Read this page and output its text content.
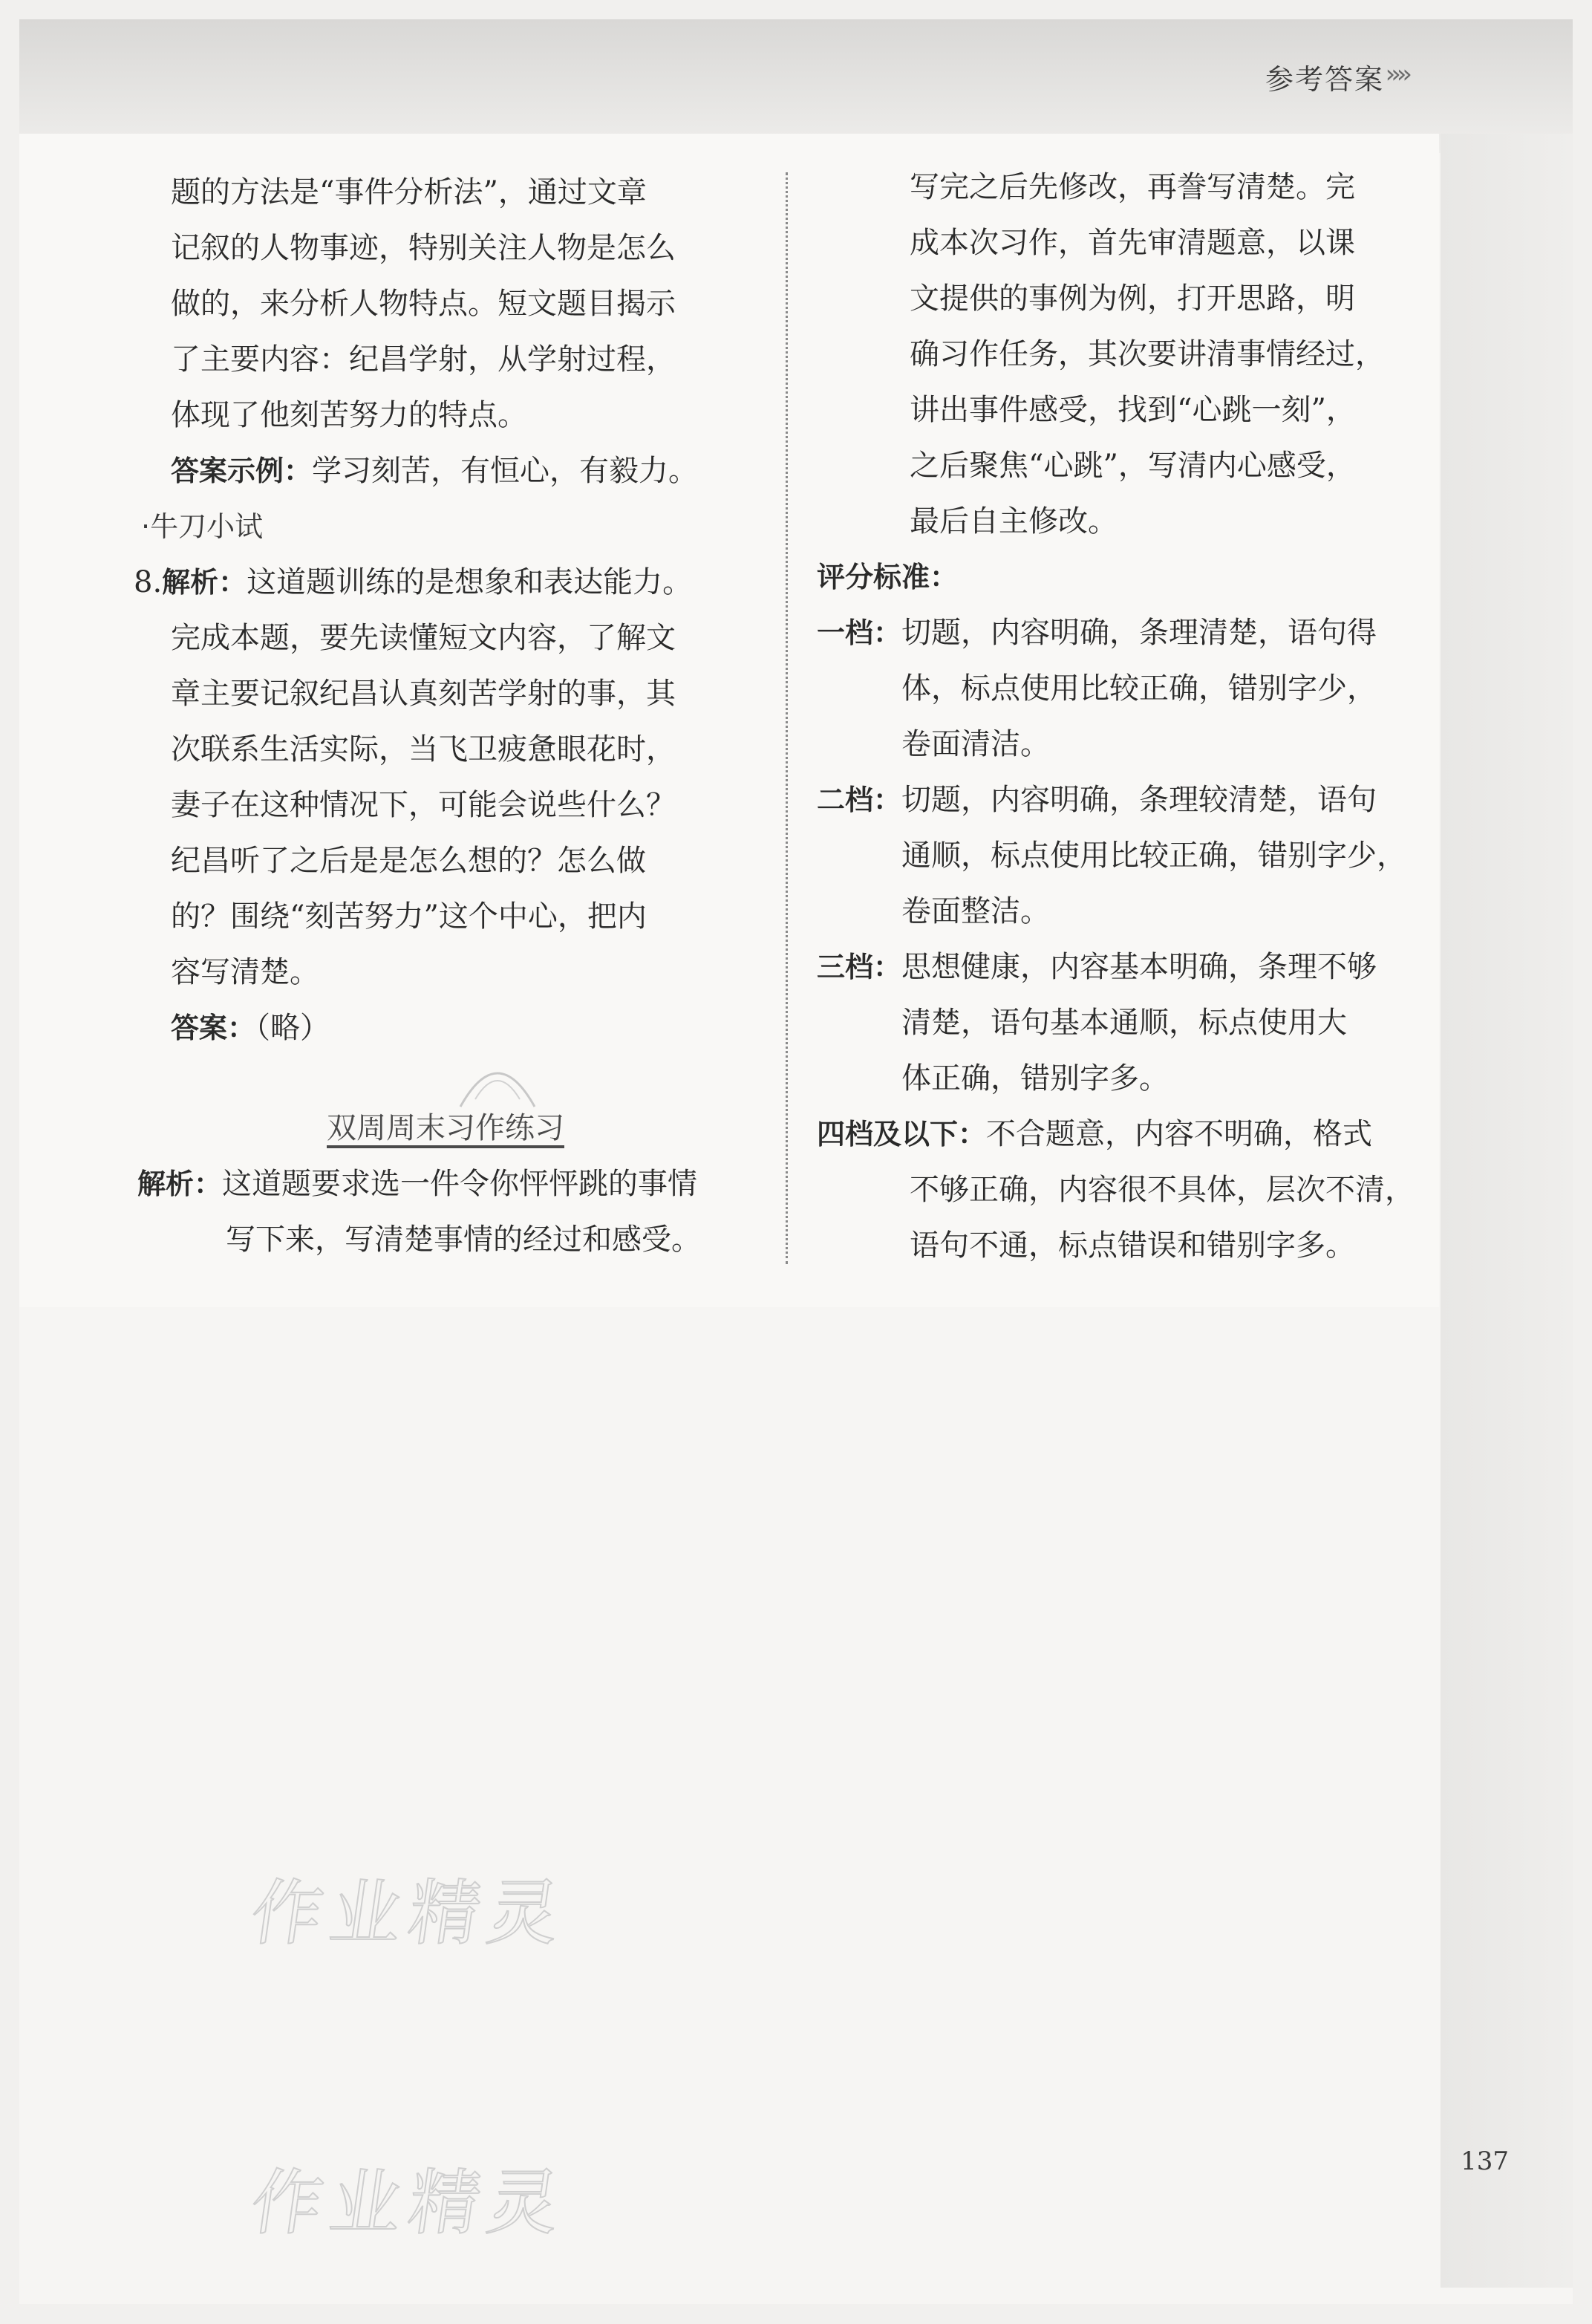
参考答案 ››››

题的方法是“事件分析法”，通过文章

记叙的人物事迹，特别关注人物是怎么

做的，来分析人物特点。短文题目揭示

了主要内容：纪昌学射，从学射过程，

体现了他刻苦努力的特点。

答案示例：学习刻苦，有恒心，有毅力。

·牛刀小试

8.解析：这道题训练的是想象和表达能力。

完成本题，要先读懂短文内容，了解文

章主要记叙纪昌认真刻苦学射的事，其

次联系生活实际，当飞卫疲惫眼花时，

妻子在这种情况下，可能会说些什么？

纪昌听了之后是是怎么想的？怎么做

的？围绕“刻苦努力”这个中心，把内

容写清楚。

答案：（略）

双周周末习作练习
解析： 这道题要求选一件令你怦怦跳的事情

写下来，写清楚事情的经过和感受。

写完之后先修改，再誊写清楚。完

成本次习作，首先审清题意，以课

文提供的事例为例，打开思路，明

确习作任务，其次要讲清事情经过，

讲出事件感受，找到“心跳一刻”，

之后聚焦“心跳”，写清内心感受，

最后自主修改。

评分标准：

一档： 切题，内容明确，条理清楚，语句得

体，标点使用比较正确，错别字少，

卷面清洁。

二档： 切题，内容明确，条理较清楚，语句

通顺，标点使用比较正确，错别字少，

卷面整洁。

三档： 思想健康，内容基本明确，条理不够

清楚，语句基本通顺，标点使用大

体正确，错别字多。

四档及以下：不合题意，内容不明确，格式

不够正确，内容很不具体，层次不清，

语句不通，标点错误和错别字多。

作业精灵
作业精灵	137
